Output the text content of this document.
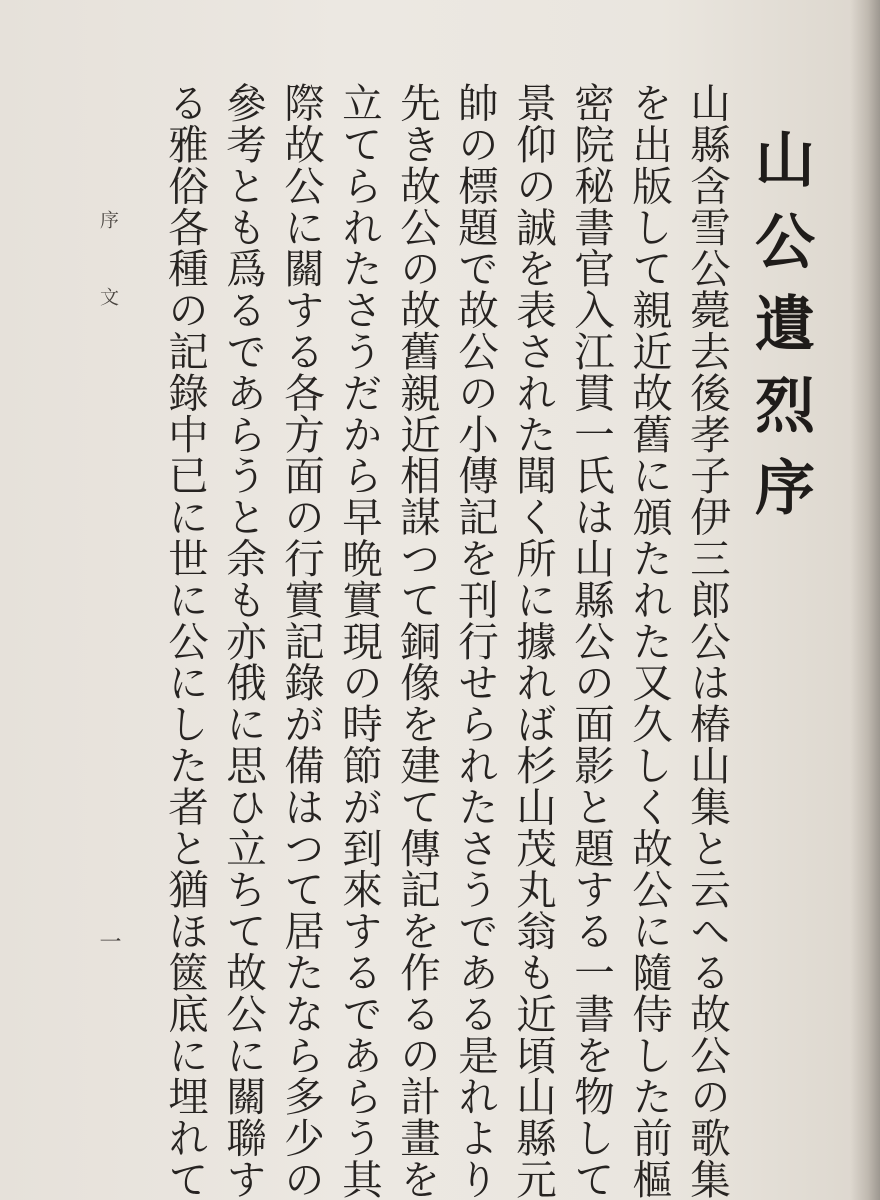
山公遺烈序
山縣含雪公薨去後孝子伊三郎公は椿山集と云へる故公の歌集
を出版して親近故舊に頒たれた又久しく故公に隨侍した前樞
密院秘書官入江貫一氏は山縣公の面影と題する一書を物して
景仰の誠を表された聞く所に據れば杉山茂丸翁も近頃山縣元
帥の標題で故公の小傳記を刊行せられたさうである是れより
先き故公の故舊親近相謀つて銅像を建て傳記を作るの計畫を
立てられたさうだから早晩實現の時節が到來するであらう其
際故公に關する各方面の行實記錄が備はつて居たなら多少の
參考とも爲るであらうと余も亦俄に思ひ立ちて故公に關聯す
る雅俗各種の記錄中已に世に公にした者と猶ほ篋底に埋れて
序文
一
